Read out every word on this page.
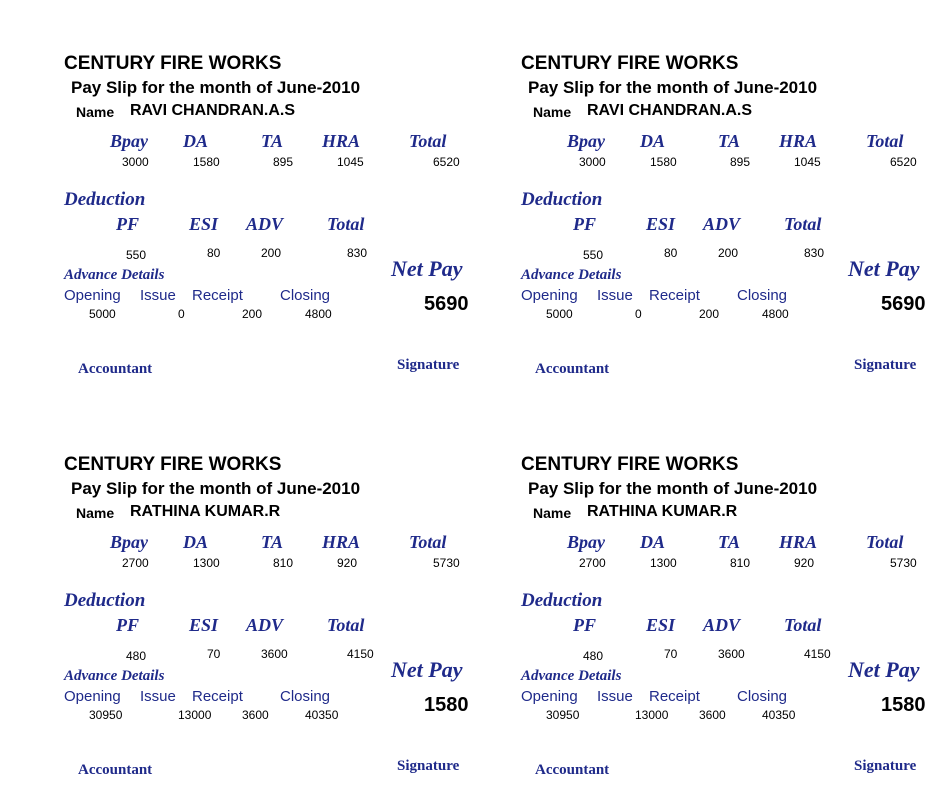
CENTURY FIRE WORKS
Pay Slip for the month of June-2010
Name RAVI CHANDRAN.A.S
Bpay DA	TA HRA	Total
3000	1580	895	1045	6520
Deduction
PF	ESI ADV Total
550	80	200	830
Advance Details
Opening Issue Receipt Closing
5000	0	200	4800
Net Pay
5690
Accountant	Signature
CENTURY FIRE WORKS
Pay Slip for the month of June-2010
Name RAVI CHANDRAN.A.S
Bpay DA	TA HRA	Total
3000	1580	895	1045	6520
Deduction
PF	ESI ADV Total
550	80	200	830
Advance Details
Opening Issue Receipt Closing
5000	0	200	4800
Net Pay
5690
Accountant	Signature
CENTURY FIRE WORKS
Pay Slip for the month of June-2010
Name RATHINA KUMAR.R
Bpay DA	TA HRA	Total
2700	1300	810	920	5730
Deduction
PF	ESI ADV Total
480	70	3600	4150
Advance Details
Opening Issue Receipt Closing
30950	13000	3600	40350
Net Pay
1580
Accountant	Signature
CENTURY FIRE WORKS
Pay Slip for the month of June-2010
Name RATHINA KUMAR.R
Bpay DA	TA HRA	Total
2700	1300	810	920	5730
Deduction
PF	ESI ADV Total
480	70	3600	4150
Advance Details
Opening Issue Receipt Closing
30950	13000	3600	40350
Net Pay
1580
Accountant	Signature
